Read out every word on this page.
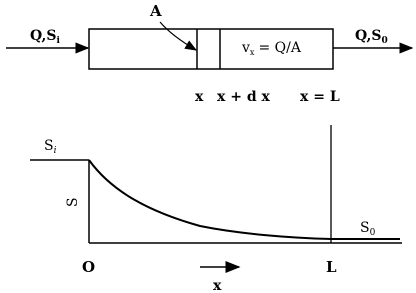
$Q,S_i$
A
$v_x = Q/A$
$Q,S_0$
x x + d x x = L
$S_i$
S
$S_0$
O	L
x
